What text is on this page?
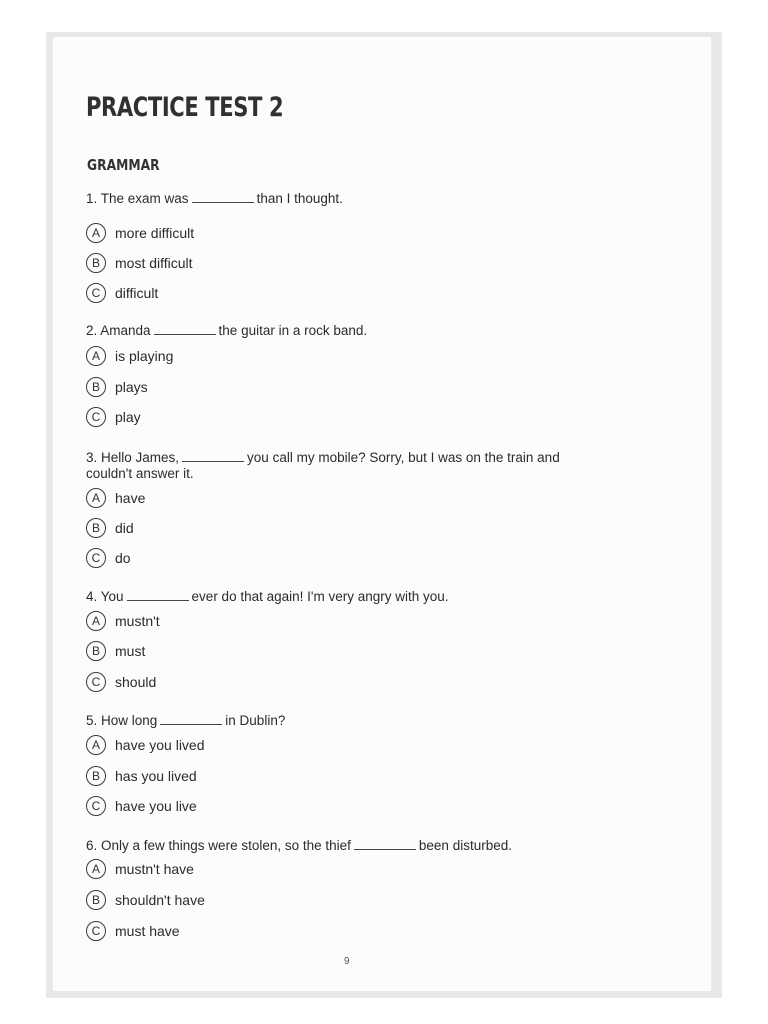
PRACTICE TEST 2
GRAMMAR
1. The exam was	than I thought.
A	more difficult
B	most difficult
C	difficult
2. Amanda	the guitar in a rock band.
A	is playing
B	plays
C	play
3. Hello James,	you call my mobile? Sorry, but I was on the train and couldn't answer it.
A	have
B	did
C	do
4. You	ever do that again! I'm very angry with you.
A	mustn't
B	must
C	should
5. How long	in Dublin?
A	have you lived
B	has you lived
C	have you live
6. Only a few things were stolen, so the thief	been disturbed.
A	mustn't have
B	shouldn't have
C	must have
9
